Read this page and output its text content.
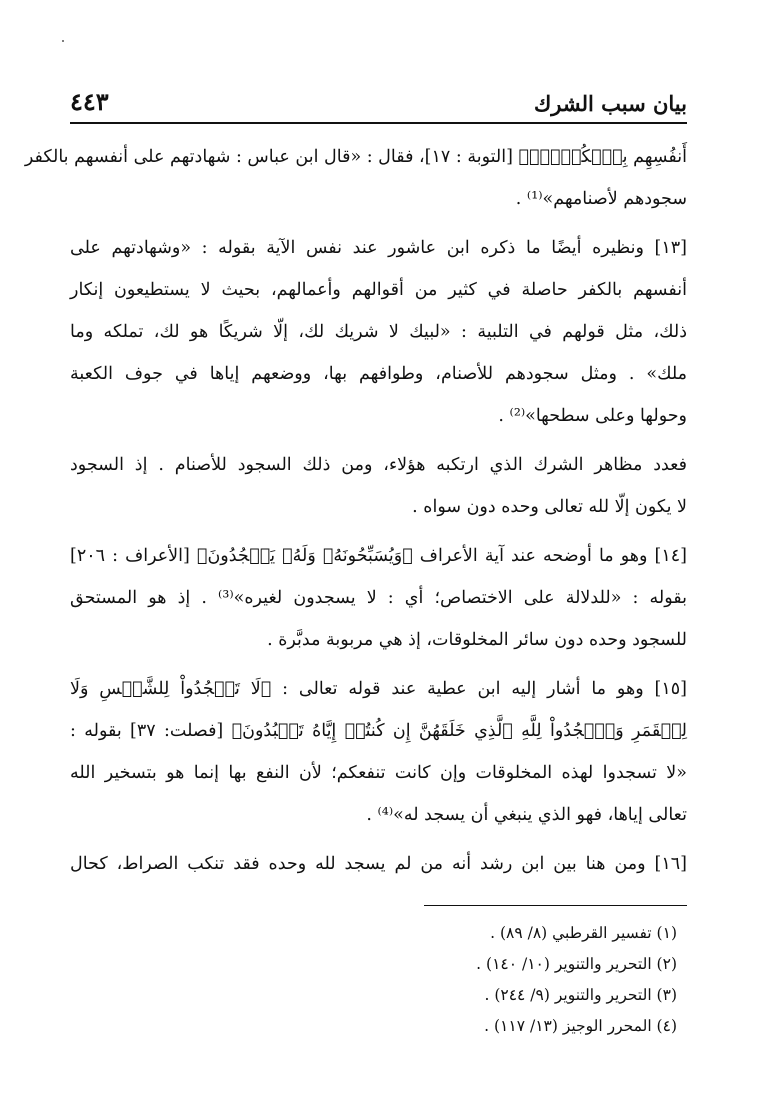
بيان سبب الشرك
٤٤٣
أَنفُسِهِم بِٱلۡكُفۡرِۚ﴾ [التوبة : ١٧]، فقال : «قال ابن عباس : شهادتهم على أنفسهم بالكفر
سجودهم لأصنامهم»⁽¹⁾ .
[١٣] ونظيره أيضًا ما ذكره ابن عاشور عند نفس الآية بقوله : «وشهادتهم على
أنفسهم بالكفر حاصلة في كثير من أقوالهم وأعمالهم، بحيث لا يستطيعون إنكار
ذلك، مثل قولهم في التلبية : «لبيك لا شريك لك، إلّا شريكًا هو لك، تملكه وما
ملك» . ومثل سجودهم للأصنام، وطوافهم بها، ووضعهم إياها في جوف الكعبة
وحولها وعلى سطحها»⁽²⁾ .
فعدد مظاهر الشرك الذي ارتكبه هؤلاء، ومن ذلك السجود للأصنام . إذ السجود
لا يكون إلّا لله تعالى وحده دون سواه .
[١٤] وهو ما أوضحه عند آية الأعراف ﴿وَيُسَبِّحُونَهُۥ وَلَهُۥ يَسۡجُدُونَ﴾ [الأعراف : ٢٠٦]
بقوله : «للدلالة على الاختصاص؛ أي : لا يسجدون لغيره»⁽³⁾ . إذ هو المستحق
للسجود وحده دون سائر المخلوقات، إذ هي مربوبة مدبَّرة .
[١٥] وهو ما أشار إليه ابن عطية عند قوله تعالى : ﴿لَا تَسۡجُدُواْ لِلشَّمۡسِ وَلَا
لِلۡقَمَرِ وَٱسۡجُدُواْ لِلَّهِ ٱلَّذِي خَلَقَهُنَّ إِن كُنتُمۡ إِيَّاهُ تَعۡبُدُونَ﴾ [فصلت: ٣٧] بقوله :
«لا تسجدوا لهذه المخلوقات وإن كانت تنفعكم؛ لأن النفع بها إنما هو بتسخير الله
تعالى إياها، فهو الذي ينبغي أن يسجد له»⁽⁴⁾ .
[١٦] ومن هنا بين ابن رشد أنه من لم يسجد لله وحده فقد تنكب الصراط، كحال
(١) تفسير القرطبي (٨/ ٨٩) .
(٢) التحرير والتنوير (١٠/ ١٤٠) .
(٣) التحرير والتنوير (٩/ ٢٤٤) .
(٤) المحرر الوجيز (١٣/ ١١٧) .
